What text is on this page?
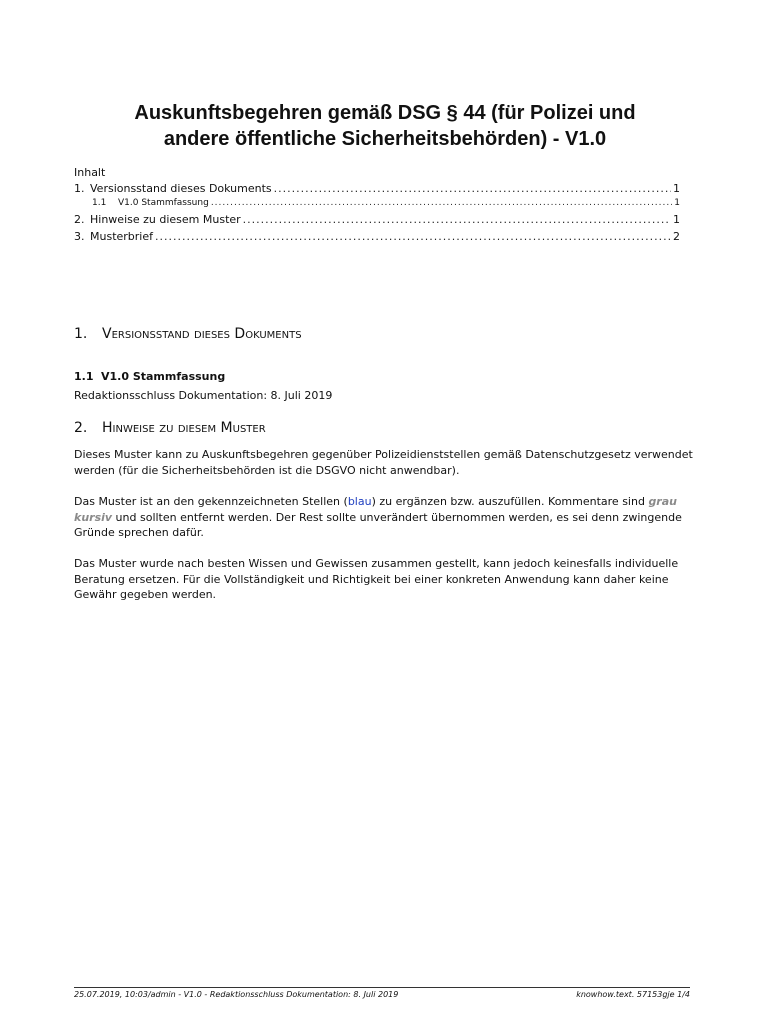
Auskunftsbegehren gemäß DSG § 44 (für Polizei und
andere öffentliche Sicherheitsbehörden) - V1.0
Inhalt
1. Versionsstand dieses Dokuments .....	1
1.1	V1.0 Stammfassung .....	1
2. Hinweise zu diesem Muster .....	1
3. Musterbrief .....	2
1. Versionsstand dieses Dokuments
1.1 V1.0 Stammfassung
Redaktionsschluss Dokumentation: 8. Juli 2019
2. Hinweise zu diesem Muster
Dieses Muster kann zu Auskunftsbegehren gegenüber Polizeidienststellen gemäß Datenschutzgesetz verwendet werden (für die Sicherheitsbehörden ist die DSGVO nicht anwendbar).
Das Muster ist an den gekennzeichneten Stellen (blau) zu ergänzen bzw. auszufüllen. Kommentare sind grau kursiv und sollten entfernt werden. Der Rest sollte unverändert übernommen werden, es sei denn zwingende Gründe sprechen dafür.
Das Muster wurde nach besten Wissen und Gewissen zusammen gestellt, kann jedoch keinesfalls individuelle Beratung ersetzen. Für die Vollständigkeit und Richtigkeit bei einer konkreten Anwendung kann daher keine Gewähr gegeben werden.
25.07.2019, 10:03/admin - V1.0 - Redaktionsschluss Dokumentation: 8. Juli 2019	knowhow.text. 57153gje 1/4
